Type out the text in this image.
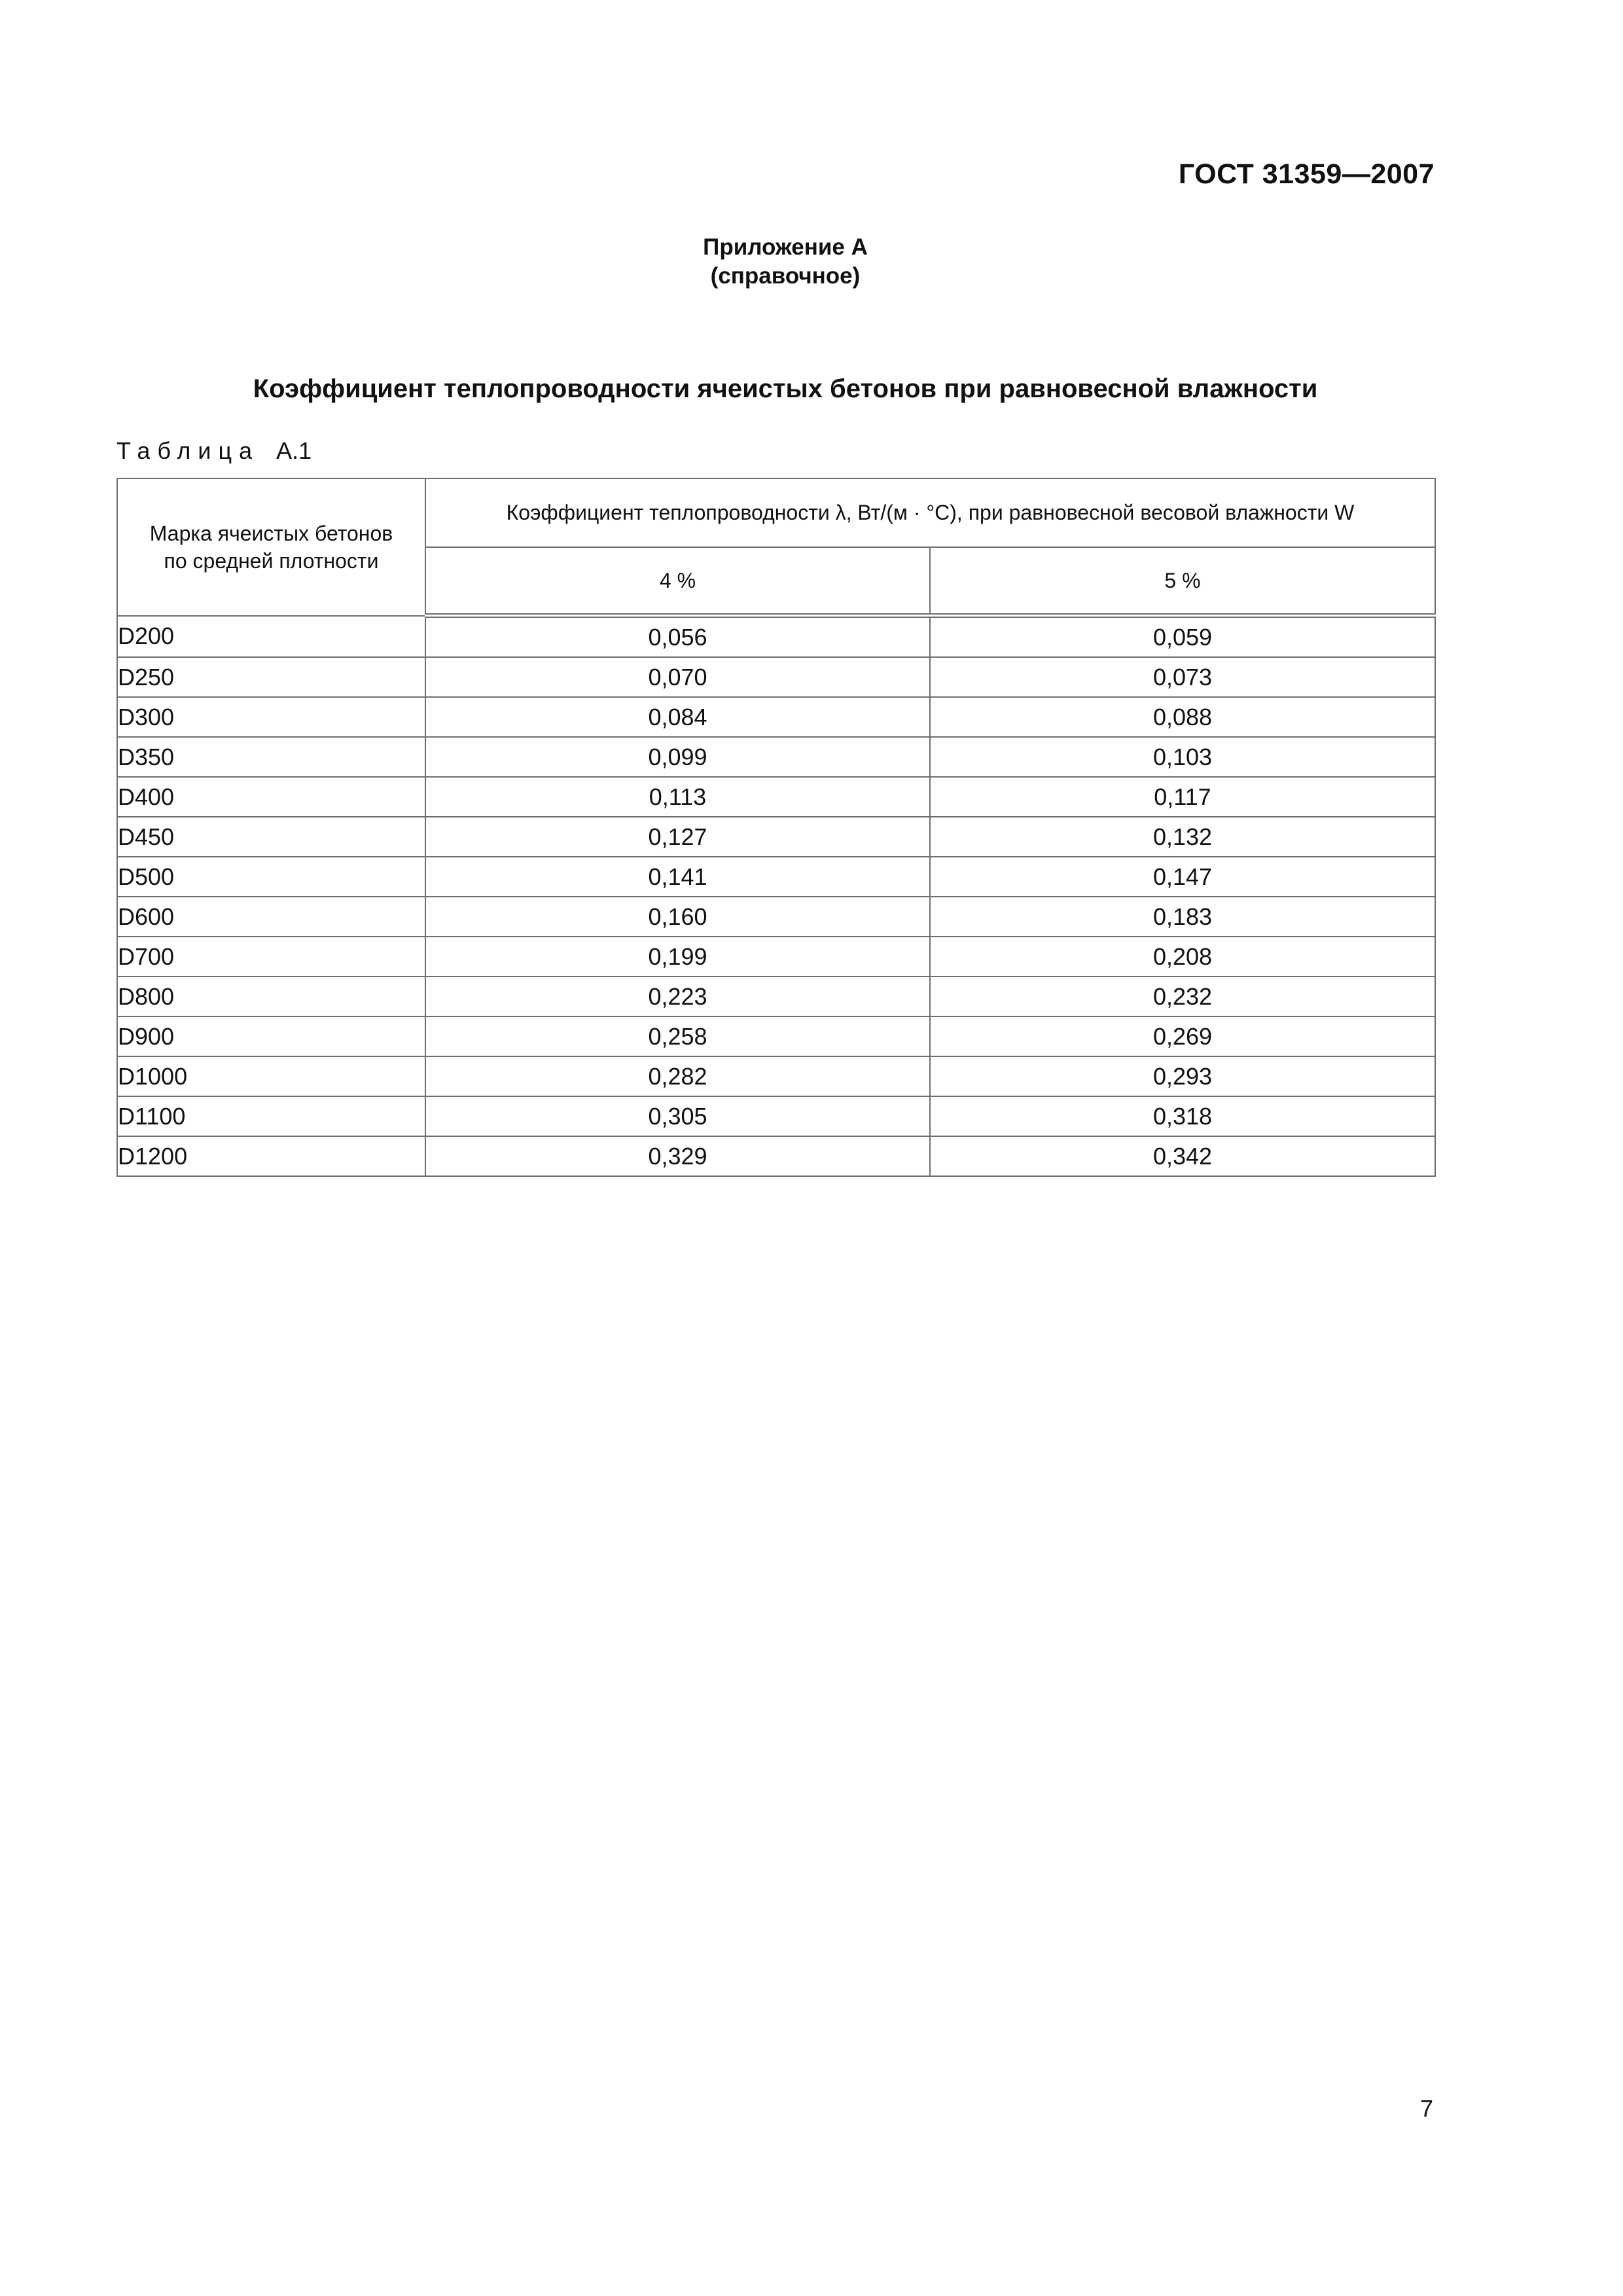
ГОСТ 31359—2007
Приложение А
(справочное)
Коэффициент теплопроводности ячеистых бетонов при равновесной влажности
Таблица А.1
Марка ячеистых бетонов
по средней плотности	Коэффициент теплопроводности λ, Вт/(м · °С), при равновесной весовой влажности W	
	4 %	5 %
D200	0,056	0,059
D250	0,070	0,073
D300	0,084	0,088
D350	0,099	0,103
D400	0,113	0,117
D450	0,127	0,132
D500	0,141	0,147
D600	0,160	0,183
D700	0,199	0,208
D800	0,223	0,232
D900	0,258	0,269
D1000	0,282	0,293
D1100	0,305	0,318
D1200	0,329	0,342
7
